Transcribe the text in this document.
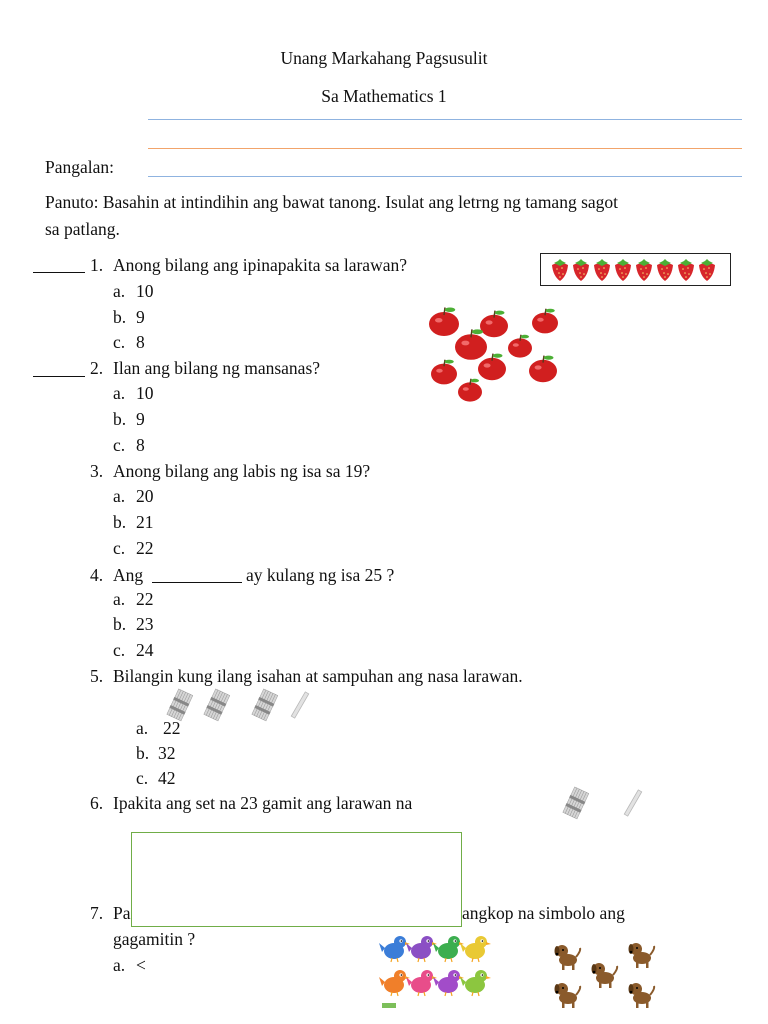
Unang Markahang Pagsusulit
Sa Mathematics 1
Pangalan:
Panuto: Basahin at intindihin ang bawat tanong. Isulat ang letrng ng tamang sagot
sa patlang.
1. Anong bilang ang ipinapakita sa larawan?
a. 10
b. 9
c. 8
2. Ilan ang bilang ng mansanas?
a. 10
b. 9
c. 8
3. Anong bilang ang labis ng isa sa 19?
a. 20
b. 21
c. 22
4. Ang	ay kulang ng isa 25 ?
a. 22
b. 23
c. 24
5. Bilangin kung ilang isahan at sampuhan ang nasa larawan.
a. 22
b. 32
c. 42
6. Ipakita ang set na 23 gamit ang larawan na
7. Pa	angkop na simbolo ang
gagamitin ?
a. <
